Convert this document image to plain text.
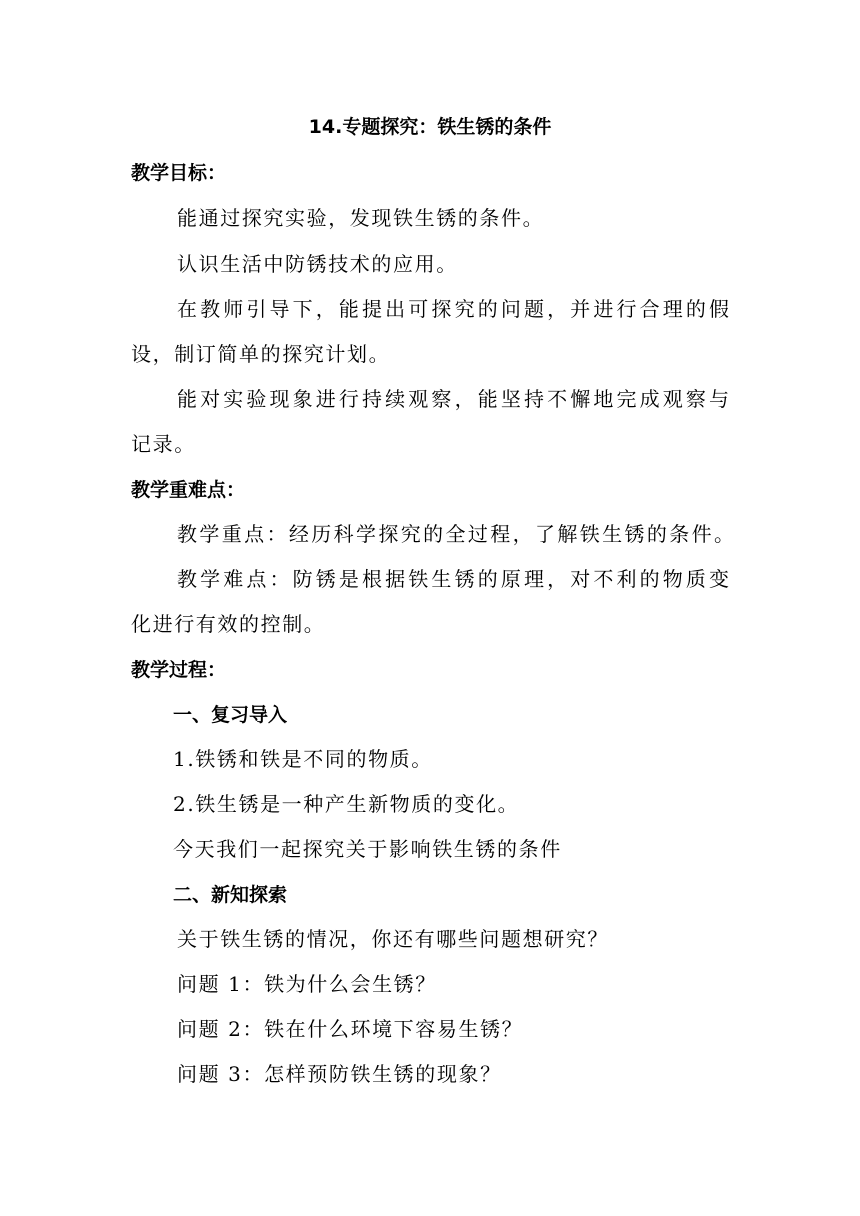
14.专题探究：铁生锈的条件
教学目标：
能通过探究实验，发现铁生锈的条件。
认识生活中防锈技术的应用。
在教师引导下，能提出可探究的问题，并进行合理的假
设，制订简单的探究计划。
能对实验现象进行持续观察，能坚持不懈地完成观察与
记录。
教学重难点：
教学重点：经历科学探究的全过程，了解铁生锈的条件。
教学难点：防锈是根据铁生锈的原理，对不利的物质变
化进行有效的控制。
教学过程：
一、复习导入
1.铁锈和铁是不同的物质。
2.铁生锈是一种产生新物质的变化。
今天我们一起探究关于影响铁生锈的条件
二、新知探索
关于铁生锈的情况，你还有哪些问题想研究？
问题 1：铁为什么会生锈？
问题 2：铁在什么环境下容易生锈？
问题 3：怎样预防铁生锈的现象？
